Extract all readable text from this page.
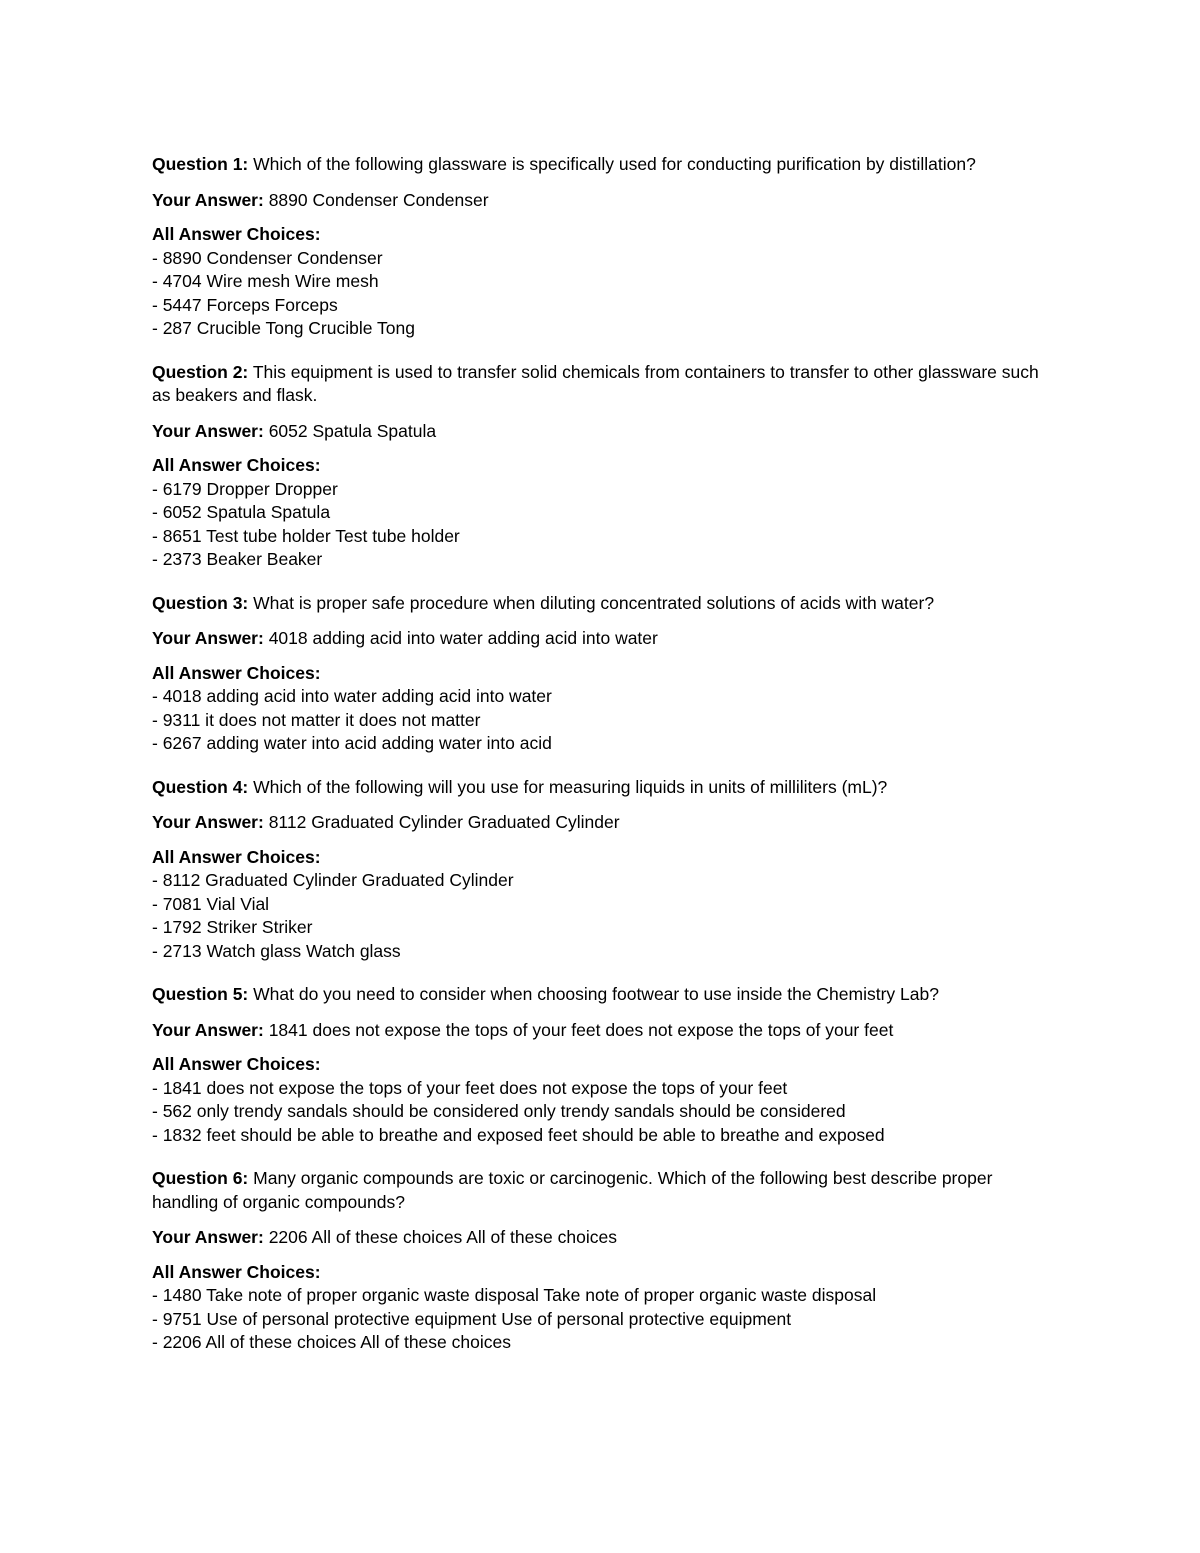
Question 1: Which of the following glassware is specifically used for conducting purification by distillation?

Your Answer: 8890 Condenser Condenser

All Answer Choices:
- 8890 Condenser Condenser
- 4704 Wire mesh Wire mesh
- 5447 Forceps Forceps
- 287 Crucible Tong Crucible Tong

Question 2: This equipment is used to transfer solid chemicals from containers to transfer to other glassware such as beakers and flask.

Your Answer: 6052 Spatula Spatula

All Answer Choices:
- 6179 Dropper Dropper
- 6052 Spatula Spatula
- 8651 Test tube holder Test tube holder
- 2373 Beaker Beaker

Question 3: What is proper safe procedure when diluting concentrated solutions of acids with water?

Your Answer: 4018 adding acid into water adding acid into water

All Answer Choices:
- 4018 adding acid into water adding acid into water
- 9311 it does not matter it does not matter
- 6267 adding water into acid adding water into acid

Question 4: Which of the following will you use for measuring liquids in units of milliliters (mL)?

Your Answer: 8112 Graduated Cylinder Graduated Cylinder

All Answer Choices:
- 8112 Graduated Cylinder Graduated Cylinder
- 7081 Vial Vial
- 1792 Striker Striker
- 2713 Watch glass Watch glass

Question 5: What do you need to consider when choosing footwear to use inside the Chemistry Lab?

Your Answer: 1841 does not expose the tops of your feet does not expose the tops of your feet

All Answer Choices:
- 1841 does not expose the tops of your feet does not expose the tops of your feet
- 562 only trendy sandals should be considered only trendy sandals should be considered
- 1832 feet should be able to breathe and exposed feet should be able to breathe and exposed

Question 6: Many organic compounds are toxic or carcinogenic. Which of the following best describe proper handling of organic compounds?

Your Answer: 2206 All of these choices All of these choices

All Answer Choices:
- 1480 Take note of proper organic waste disposal Take note of proper organic waste disposal
- 9751 Use of personal protective equipment Use of personal protective equipment
- 2206 All of these choices All of these choices
